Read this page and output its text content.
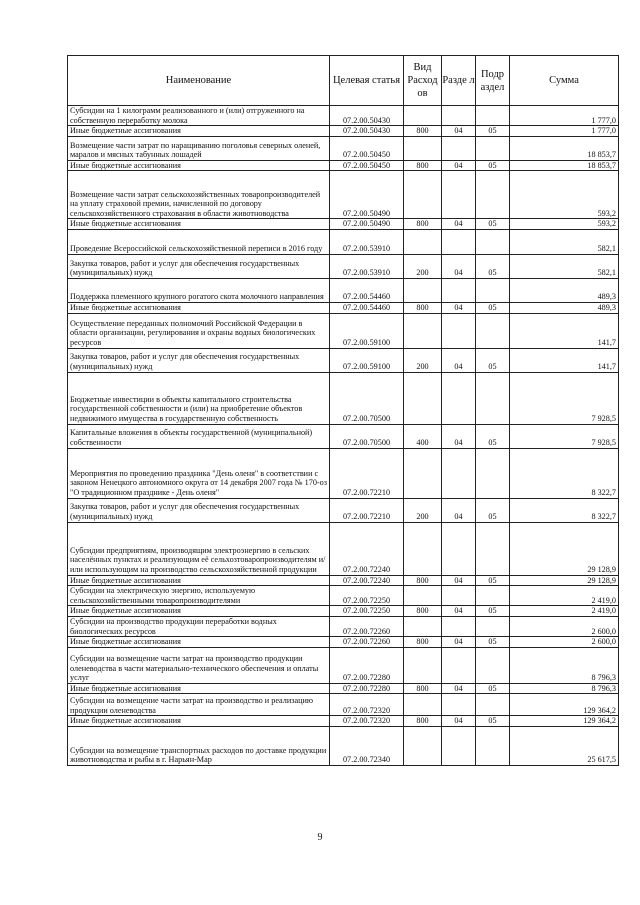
Наименование	Целевая статья	Вид Расход ов	Разде л	Подр аздел	Сумма
Субсидии на 1 килограмм реализованного и (или) отгруженного на собственную переработку молока	07.2.00.50430				1 777,0
Иные бюджетные ассигнования	07.2.00.50430	800	04	05	1 777,0
Возмещение части затрат по наращиванию поголовья северных оленей, маралов и мясных табунных лошадей	07.2.00.50450				18 853,7
Иные бюджетные ассигнования	07.2.00.50450	800	04	05	18 853,7
Возмещение части затрат сельскохозяйственных товаропроизводителей на уплату страховой премии, начисленной по договору сельскохозяйственного страхования в области животноводства	07.2.00.50490				593,2
Иные бюджетные ассигнования	07.2.00.50490	800	04	05	593,2
Проведение Всероссийской сельскохозяйственной переписи в 2016 году	07.2.00.53910				582,1
Закупка товаров, работ и услуг для обеспечения государственных (муниципальных) нужд	07.2.00.53910	200	04	05	582,1
Поддержка племенного крупного рогатого скота молочного направления	07.2.00.54460				489,3
Иные бюджетные ассигнования	07.2.00.54460	800	04	05	489,3
Осуществление переданных полномочий Российской Федерации в области организации, регулирования и охраны водных биологических ресурсов	07.2.00.59100				141,7
Закупка товаров, работ и услуг для обеспечения государственных (муниципальных) нужд	07.2.00.59100	200	04	05	141,7
Бюджетные инвестиции в объекты капитального строительства государственной собственности и (или) на приобретение объектов недвижимого имущества в государственную собственность	07.2.00.70500				7 928,5
Капитальные вложения в объекты государственной (муниципальной) собственности	07.2.00.70500	400	04	05	7 928,5
Мероприятия по проведению праздника "День оленя" в соответствии с законом Ненецкого автономного округа от 14 декабря 2007 года № 170-оз "О традиционном празднике - День оленя"	07.2.00.72210				8 322,7
Закупка товаров, работ и услуг для обеспечения государственных (муниципальных) нужд	07.2.00.72210	200	04	05	8 322,7
Субсидии предприятиям, производящим электроэнергию в сельских населённых пунктах и реализующим её сельхозтоваропроизводителям и/или использующим на производство сельскохозяйственной продукции	07.2.00.72240				29 128,9
Иные бюджетные ассигнования	07.2.00.72240	800	04	05	29 128,9
Субсидии на электрическую энергию, используемую сельскохозяйственными товаропроизводителями	07.2.00.72250				2 419,0
Иные бюджетные ассигнования	07.2.00.72250	800	04	05	2 419,0
Субсидии на производство продукции переработки водных биологических ресурсов	07.2.00.72260				2 600,0
Иные бюджетные ассигнования	07.2.00.72260	800	04	05	2 600,0
Субсидии на возмещение части затрат на производство продукции оленеводства в части материально-технического обеспечения и оплаты услуг	07.2.00.72280				8 796,3
Иные бюджетные ассигнования	07.2.00.72280	800	04	05	8 796,3
Субсидии на возмещение части затрат на производство и реализацию продукции оленеводства	07.2.00.72320				129 364,2
Иные бюджетные ассигнования	07.2.00.72320	800	04	05	129 364,2
Субсидии на возмещение транспортных расходов по доставке продукции животноводства и рыбы в г. Нарьян-Мар	07.2.00.72340				25 617,5
9
